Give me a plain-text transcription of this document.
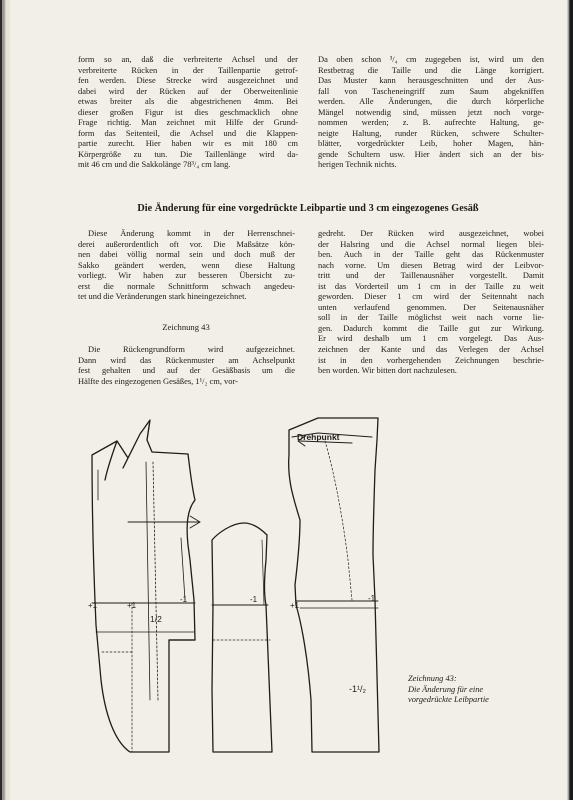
form so an, daß die verbreiterte Achsel und der
verbreiterte Rücken in der Taillenpartie getrof-
fen werden. Diese Strecke wird ausgezeichnet und
dabei wird der Rücken auf der Oberweitenlinie
etwas breiter als die abgestrichenen 4mm. Bei
dieser großen Figur ist dies geschmacklich ohne
Frage richtig. Man zeichnet mit Hilfe der Grund-
form das Seitenteil, die Achsel und die Klappen-
partie zurecht. Hier haben wir es mit 180 cm
Körpergröße zu tun. Die Taillenlänge wird da-
mit 46 cm und die Sakkolänge 78³/₄ cm lang.
Da oben schon ³/₄ cm zugegeben ist, wird um den
Restbetrag die Taille und die Länge korrigiert.
Das Muster kann herausgeschnitten und der Aus-
fall von Tascheneingriff zum Saum abgekniffen
werden. Alle Änderungen, die durch körperliche
Mängel notwendig sind, müssen jetzt noch vorge-
nommen werden; z. B. aufrechte Haltung, ge-
neigte Haltung, runder Rücken, schwere Schulter-
blätter, vorgedrückter Leib, hoher Magen, hän-
gende Schultern usw. Hier ändert sich an der bis-
herigen Technik nichts.
Die Änderung für eine vorgedrückte Leibpartie und 3 cm eingezogenes Gesäß
Diese Änderung kommt in der Herrenschnei-
derei außerordentlich oft vor. Die Maßsätze kön-
nen dabei völlig normal sein und doch muß der
Sakko geändert werden, wenn diese Haltung
vorliegt. Wir haben zur besseren Übersicht zu-
erst die normale Schnittform schwach angedeu-
tet und die Veränderungen stark hineingezeichnet.
Zeichnung 43
Die Rückengrundform wird aufgezeichnet.
Dann wird das Rückenmuster am Achselpunkt
fest gehalten und auf der Gesäßbasis um die
Hälfte des eingezogenen Gesäßes, 1¹/₂ cm, vor-
gedreht. Der Rücken wird ausgezeichnet, wobei
der Halsring und die Achsel normal liegen blei-
ben. Auch in der Taille geht das Rückenmuster
nach vorne. Um diesen Betrag wird der Leibvor-
tritt und der Taillenausnäher vorgestellt. Damit
ist das Vorderteil um 1 cm in der Taille zu weit
geworden. Dieser 1 cm wird der Seitennaht nach
unten verlaufend genommen. Der Seitenausnäher
soll in der Taille möglichst weit nach vorne lie-
gen. Dadurch kommt die Taille gut zur Wirkung.
Er wird deshalb um 1 cm vorgelegt. Das Aus-
zeichnen der Kante und das Verlegen der Achsel
ist in den vorhergehenden Zeichnungen beschrie-
ben worden. Wir bitten dort nachzulesen.
Drehpunkt
+1	+1
-1	-1
+1
-1
1/2
-1¹/₂
Zeichnung 43:
Die Änderung für eine
vorgedrückte Leibpartie
